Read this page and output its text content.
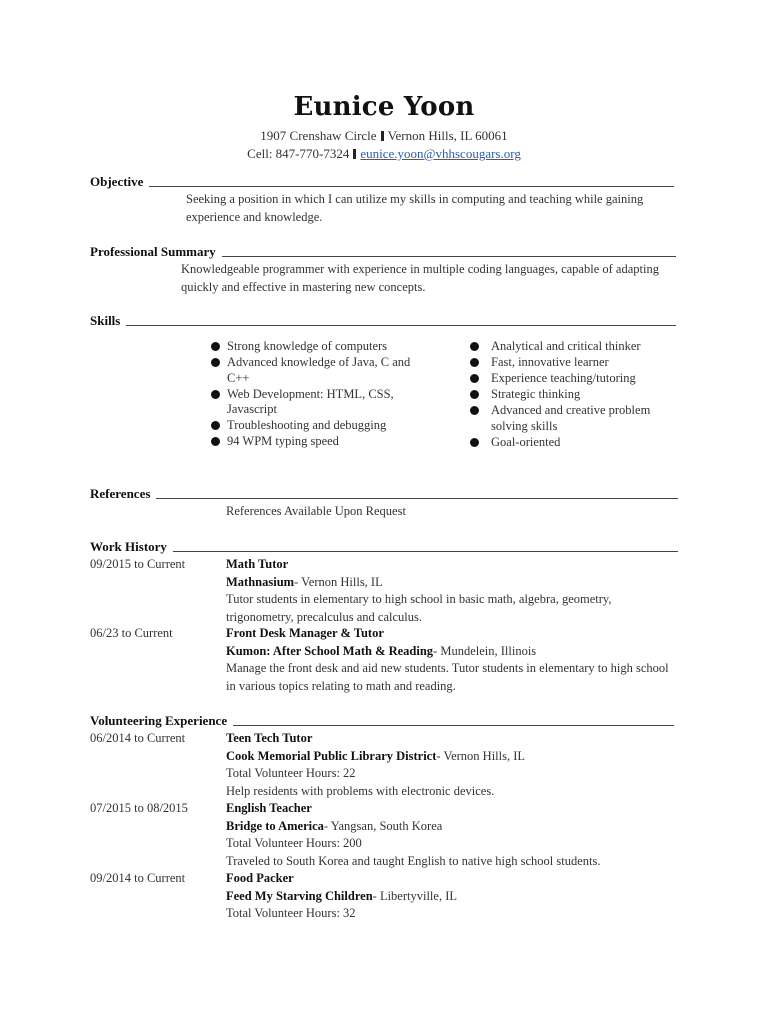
Eunice Yoon
1907 Crenshaw Circle Vernon Hills, IL 60061
Cell: 847-770-7324 eunice.yoon@vhhscougars.org
Objective
Seeking a position in which I can utilize my skills in computing and teaching while gaining experience and knowledge.
Professional Summary
Knowledgeable programmer with experience in multiple coding languages, capable of adapting quickly and effective in mastering new concepts.
Skills
Strong knowledge of computers
Advanced knowledge of Java, C and C++
Web Development: HTML, CSS, Javascript
Troubleshooting and debugging
94 WPM typing speed
Analytical and critical thinker
Fast, innovative learner
Experience teaching/tutoring
Strategic thinking
Advanced and creative problem solving skills
Goal-oriented
References
References Available Upon Request
Work History
09/2015 to Current	Math Tutor
Mathnasium- Vernon Hills, IL
Tutor students in elementary to high school in basic math, algebra, geometry, trigonometry, precalculus and calculus.
06/23 to Current	Front Desk Manager & Tutor
Kumon: After School Math & Reading- Mundelein, Illinois
Manage the front desk and aid new students. Tutor students in elementary to high school in various topics relating to math and reading.
Volunteering Experience
06/2014 to Current	Teen Tech Tutor
Cook Memorial Public Library District- Vernon Hills, IL
Total Volunteer Hours: 22
Help residents with problems with electronic devices.
07/2015 to 08/2015	English Teacher
Bridge to America- Yangsan, South Korea
Total Volunteer Hours: 200
Traveled to South Korea and taught English to native high school students.
09/2014 to Current	Food Packer
Feed My Starving Children- Libertyville, IL
Total Volunteer Hours: 32
